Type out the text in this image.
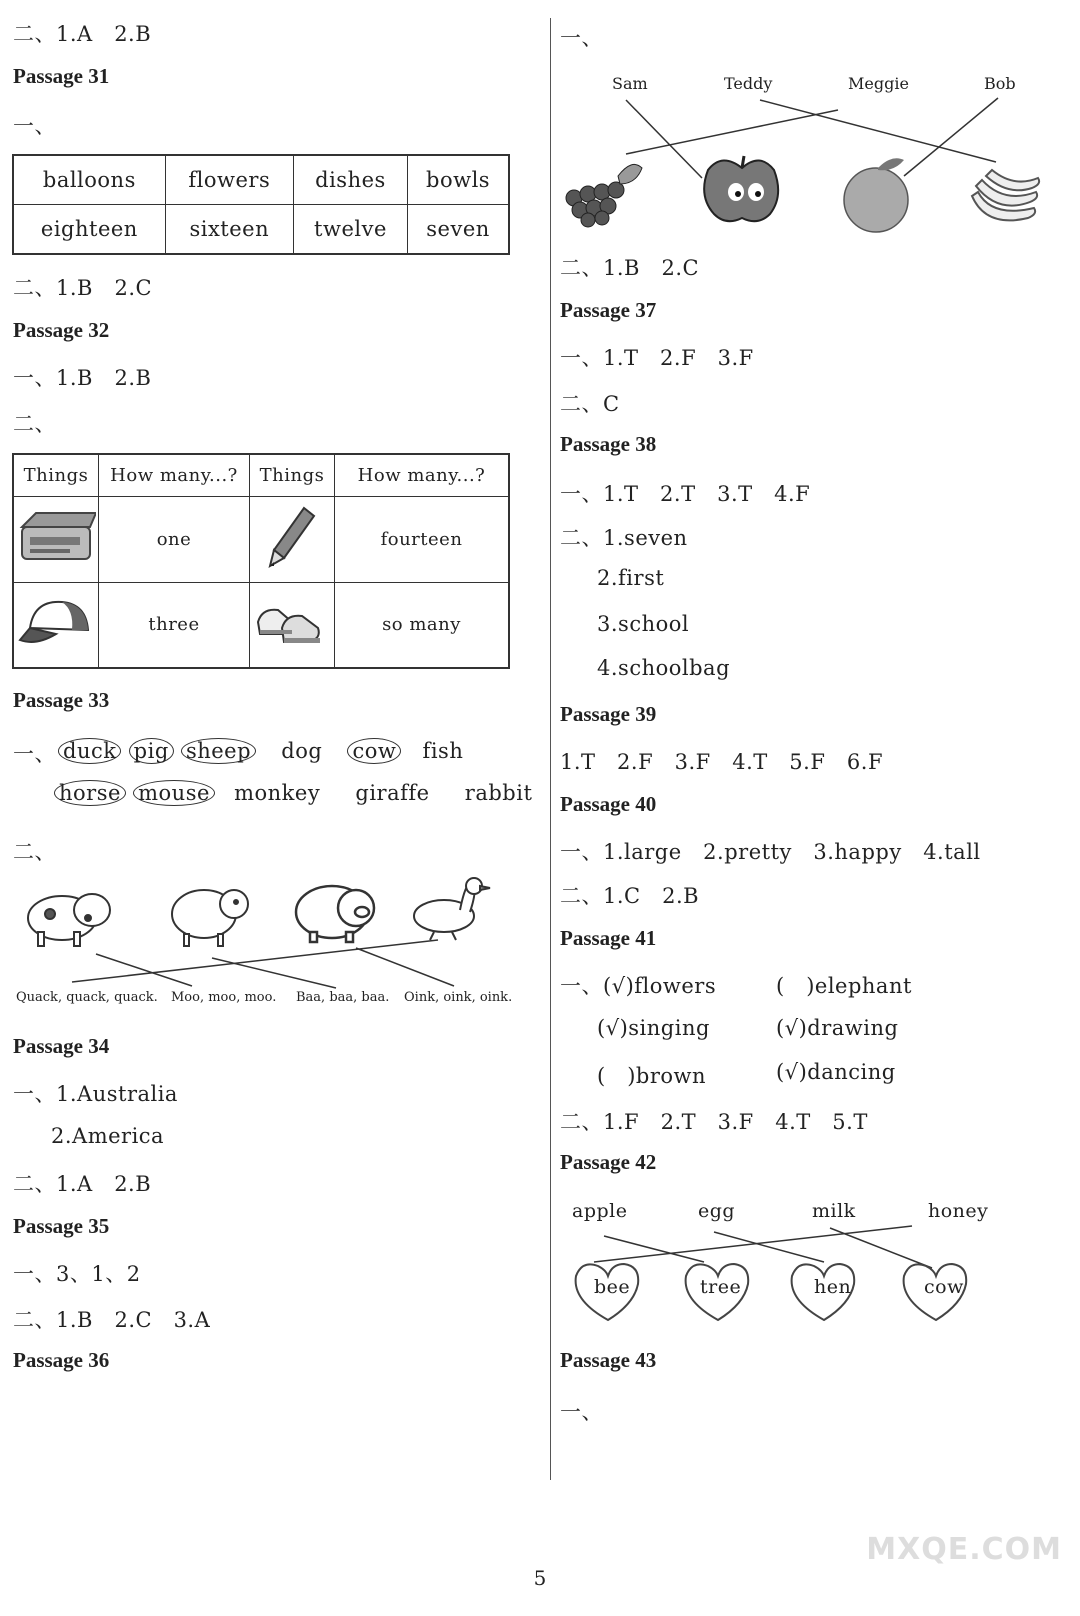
二、1.A　2.B
Passage 31
一、
balloons	flowers	dishes	bowls
eighteen	sixteen	twelve	seven
二、1.B　2.C
Passage 32
一、1.B　2.B
二、
Things	How many...?	Things	How many...?
	one		fourteen
	three		so many
Passage 33
一、 duck pig sheep dog cow fish
horse mouse monkey giraffe rabbit
二、
Quack, quack, quack. Moo, moo, moo. Baa, baa, baa. Oink, oink, oink.
Passage 34
一、1.Australia
2.America
二、1.A　2.B
Passage 35
一、3、1、2
二、1.B　2.C　3.A
Passage 36
一、
Sam	Teddy	Meggie	Bob
二、1.B　2.C
Passage 37
一、1.T　2.F　3.F
二、C
Passage 38
一、1.T　2.T　3.T　4.F
二、1.seven
2.first
3.school
4.schoolbag
Passage 39
1.T　2.F　3.F　4.T　5.F　6.F
Passage 40
一、1.large　2.pretty　3.happy　4.tall
二、1.C　2.B
Passage 41
一、(√)flowers	(　)elephant
(√)singing	(√)drawing
(　)brown	(√)dancing
二、1.F　2.T　3.F　4.T　5.T
Passage 42
apple	egg	milk	honey
bee	tree	hen	cow
Passage 43
一、
5
MXQE.COM
